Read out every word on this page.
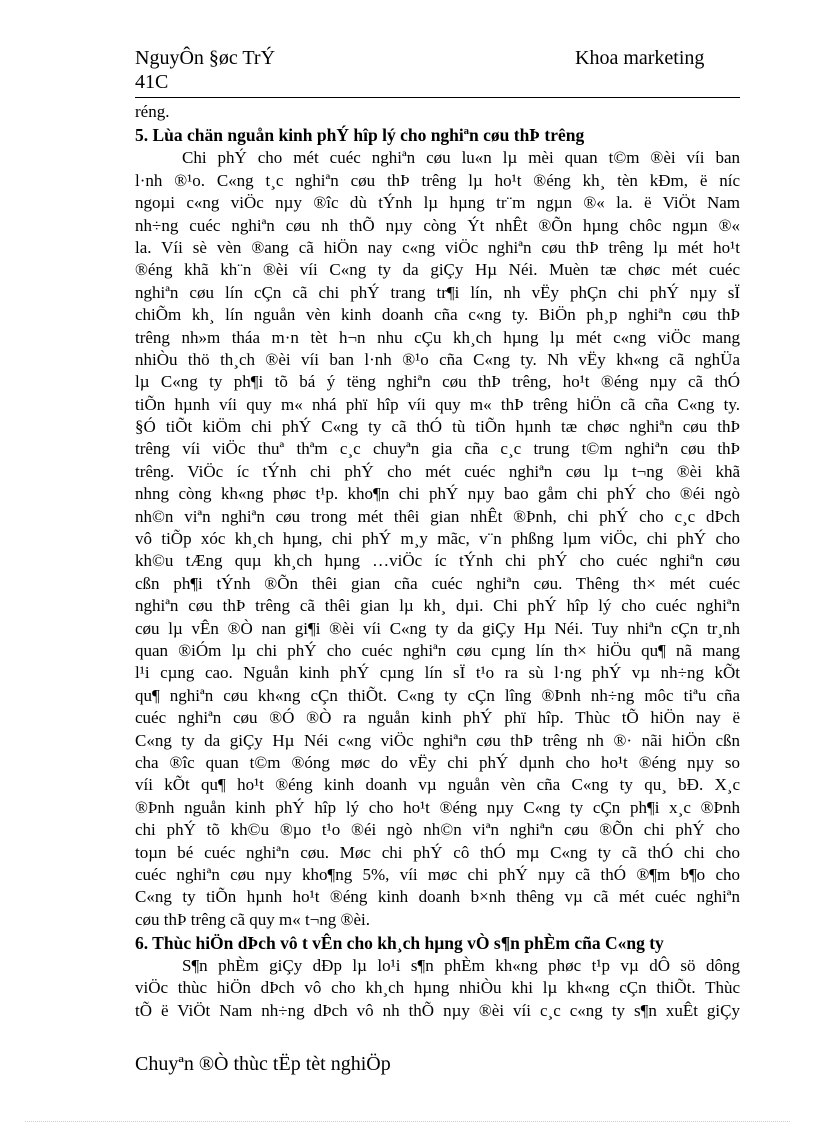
NguyÔn §øc TrÝ	Khoa marketing
41C
réng.
5. Lùa chän nguån kinh phÝ hîp lý cho nghiªn cøu thÞ trêng
Chi phÝ cho mét cuéc nghiªn cøu lu«n lµ mèi quan t©m ®èi víi ban
l·nh ®¹o. C«ng t¸c nghiªn cøu thÞ trêng lµ ho¹t ®éng kh¸ tèn kÐm, ë níc
ngoµi c«ng viÖc nµy ®îc dù tÝnh lµ hµng tr¨m ngµn ®« la. ë ViÖt Nam
nh÷ng cuéc nghiªn cøu nh thÕ nµy còng Ýt nhÊt ®Õn hµng chôc ngµn ®«
la. Víi sè vèn ®ang cã hiÖn nay c«ng viÖc nghiªn cøu thÞ trêng lµ mét ho¹t
®éng khã kh¨n ®èi víi C«ng ty da giÇy Hµ Néi. Muèn tæ chøc mét cuéc
nghiªn cøu lín cÇn cã chi phÝ trang tr¶i lín, nh vËy phÇn chi phÝ nµy sÏ
chiÕm kh¸ lín nguån vèn kinh doanh cña c«ng ty. BiÖn ph¸p nghiªn cøu thÞ
trêng nh»m tháa m·n tèt h¬n nhu cÇu kh¸ch hµng lµ mét c«ng viÖc mang
nhiÒu thö th¸ch ®èi víi ban l·nh ®¹o cña C«ng ty. Nh vËy kh«ng cã nghÜa
lµ C«ng ty ph¶i tõ bá ý tëng nghiªn cøu thÞ trêng, ho¹t ®éng nµy cã thÓ
tiÕn hµnh víi quy m« nhá phï hîp víi quy m« thÞ trêng hiÖn cã cña C«ng ty.
§Ó tiÕt kiÖm chi phÝ C«ng ty cã thÓ tù tiÕn hµnh tæ chøc nghiªn cøu thÞ
trêng víi viÖc thuª thªm c¸c chuyªn gia cña c¸c trung t©m nghiªn cøu thÞ
trêng. ViÖc íc tÝnh chi phÝ cho mét cuéc nghiªn cøu lµ t¬ng ®èi khã
nhng còng kh«ng phøc t¹p. kho¶n chi phÝ nµy bao gåm chi phÝ cho ®éi ngò
nh©n viªn nghiªn cøu trong mét thêi gian nhÊt ®Þnh, chi phÝ cho c¸c dÞch
vô tiÕp xóc kh¸ch hµng, chi phÝ m¸y mãc, v¨n phßng lµm viÖc, chi phÝ cho
kh©u tÆng quµ kh¸ch hµng …viÖc íc tÝnh chi phÝ cho cuéc nghiªn cøu
cßn ph¶i tÝnh ®Õn thêi gian cña cuéc nghiªn cøu. Thêng th× mét cuéc
nghiªn cøu thÞ trêng cã thêi gian lµ kh¸ dµi. Chi phÝ hîp lý cho cuéc nghiªn
cøu lµ vÊn ®Ò nan gi¶i ®èi víi C«ng ty da giÇy Hµ Néi. Tuy nhiªn cÇn tr¸nh
quan ®iÓm lµ chi phÝ cho cuéc nghiªn cøu cµng lín th× hiÖu qu¶ nã mang
l¹i cµng cao. Nguån kinh phÝ cµng lín sÏ t¹o ra sù l·ng phÝ vµ nh÷ng kÕt
qu¶ nghiªn cøu kh«ng cÇn thiÕt. C«ng ty cÇn lîng ®Þnh nh÷ng môc tiªu cña
cuéc nghiªn cøu ®Ó ®Ò ra nguån kinh phÝ phï hîp. Thùc tÕ hiÖn nay ë
C«ng ty da giÇy Hµ Néi c«ng viÖc nghiªn cøu thÞ trêng nh ®· nãi hiÖn cßn
cha ®îc quan t©m ®óng møc do vËy chi phÝ dµnh cho ho¹t ®éng nµy so
víi kÕt qu¶ ho¹t ®éng kinh doanh vµ nguån vèn cña C«ng ty qu¸ bÐ. X¸c
®Þnh nguån kinh phÝ hîp lý cho ho¹t ®éng nµy C«ng ty cÇn ph¶i x¸c ®Þnh
chi phÝ tõ kh©u ®µo t¹o ®éi ngò nh©n viªn nghiªn cøu ®Õn chi phÝ cho
toµn bé cuéc nghiªn cøu. Møc chi phÝ cô thÓ mµ C«ng ty cã thÓ chi cho
cuéc nghiªn cøu nµy kho¶ng 5%, víi møc chi phÝ nµy cã thÓ ®¶m b¶o cho
C«ng ty tiÕn hµnh ho¹t ®éng kinh doanh b×nh thêng vµ cã mét cuéc nghiªn
cøu thÞ trêng cã quy m« t¬ng ®èi.
6. Thùc hiÖn dÞch vô t vÊn cho kh¸ch hµng vÒ s¶n phÈm cña C«ng ty
S¶n phÈm giÇy dÐp lµ lo¹i s¶n phÈm kh«ng phøc t¹p vµ dÔ sö dông
viÖc thùc hiÖn dÞch vô cho kh¸ch hµng nhiÒu khi lµ kh«ng cÇn thiÕt. Thùc
tÕ ë ViÖt Nam nh÷ng dÞch vô nh thÕ nµy ®èi víi c¸c c«ng ty s¶n xuÊt giÇy
Chuyªn ®Ò thùc tËp tèt nghiÖp
